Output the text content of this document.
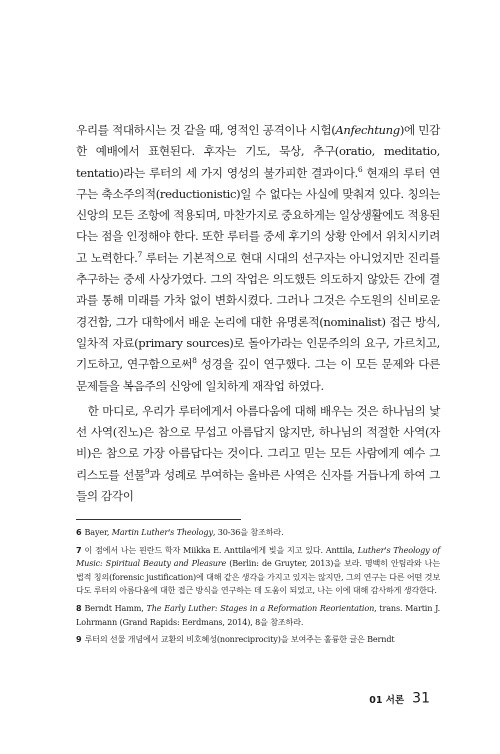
우리를 적대하시는 것 같을 때, 영적인 공격이나 시험(Anfechtung)에 민감한 예배에서 표현된다. 후자는 기도, 묵상, 추구(oratio, meditatio, tentatio)라는 루터의 세 가지 영성의 불가피한 결과이다.$^6$ 현재의 루터 연구는 축소주의적(reductionistic)일 수 없다는 사실에 맞춰져 있다. 칭의는 신앙의 모든 조항에 적용되며, 마찬가지로 중요하게는 일상생활에도 적용된다는 점을 인정해야 한다. 또한 루터를 중세 후기의 상황 안에서 위치시키려고 노력한다.$^7$ 루터는 기본적으로 현대 시대의 선구자는 아니었지만 진리를 추구하는 중세 사상가였다. 그의 작업은 의도했든 의도하지 않았든 간에 결과를 통해 미래를 가차 없이 변화시켰다. 그러나 그것은 수도원의 신비로운 경건함, 그가 대학에서 배운 논리에 대한 유명론적(nominalist) 접근 방식, 일차적 자료(primary sources)로 돌아가라는 인문주의의 요구, 가르치고, 기도하고, 연구함으로써$^8$ 성경을 깊이 연구했다. 그는 이 모든 문제와 다른 문제들을 복음주의 신앙에 일치하게 재작업 하였다.

한 마디로, 우리가 루터에게서 아름다움에 대해 배우는 것은 하나님의 낯선 사역(진노)은 참으로 무섭고 아름답지 않지만, 하나님의 적절한 사역(자비)은 참으로 가장 아름답다는 것이다. 그리고 믿는 모든 사람에게 예수 그리스도를 선물$^9$과 성례로 부여하는 올바른 사역은 신자를 거듭나게 하여 그들의 감각이

6 Bayer, Martin Luther's Theology, 30-36을 참조하라.

7 이 점에서 나는 핀란드 학자 Miikka E. Anttila에게 빚을 지고 있다. Anttila, Luther's Theology of Music: Spiritual Beauty and Pleasure (Berlin: de Gruyter, 2013)을 보라. 명백히 안팀라와 나는 법적 칭의(forensic justification)에 대해 같은 생각을 가지고 있지는 않지만, 그의 연구는 다른 어떤 것보다도 루터의 아름다움에 대한 접근 방식을 연구하는 데 도움이 되었고, 나는 이에 대해 감사하게 생각한다.

8 Berndt Hamm, The Early Luther: Stages in a Reformation Reorientation, trans. Martin J. Lohrmann (Grand Rapids: Eerdmans, 2014), 8을 참조하라.

9 루터의 선물 개념에서 교환의 비호혜성(nonreciprocity)을 보여주는 훌륭한 글은 Berndt

01 서론 31
